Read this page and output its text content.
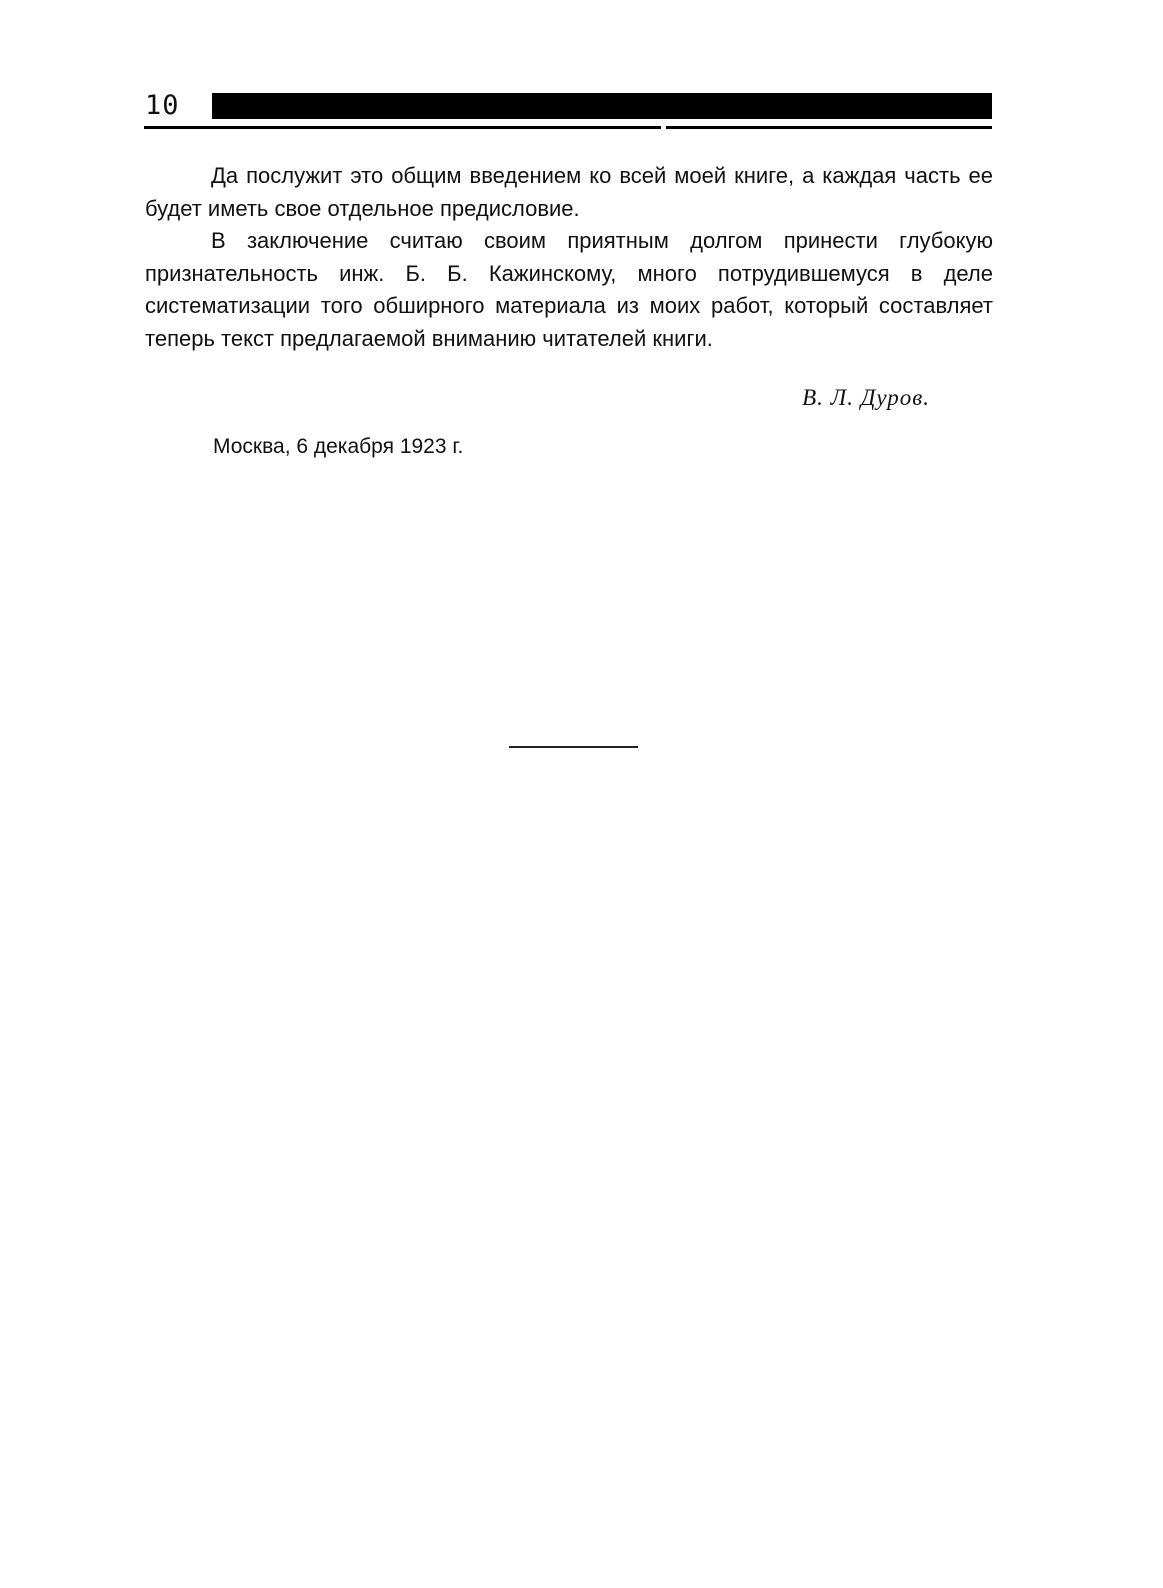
10

Да послужит это общим введением ко всей моей книге, а каждая часть ее будет иметь свое отдельное предисловие.

В заключение считаю своим приятным долгом принести глубокую признательность инж. Б. Б. Кажинскому, много потрудившемуся в деле систематизации того обширного материала из моих работ, который составляет теперь текст предлагаемой вниманию читателей книги.

В. Л. Дуров.
Москва, 6 декабря 1923 г.
